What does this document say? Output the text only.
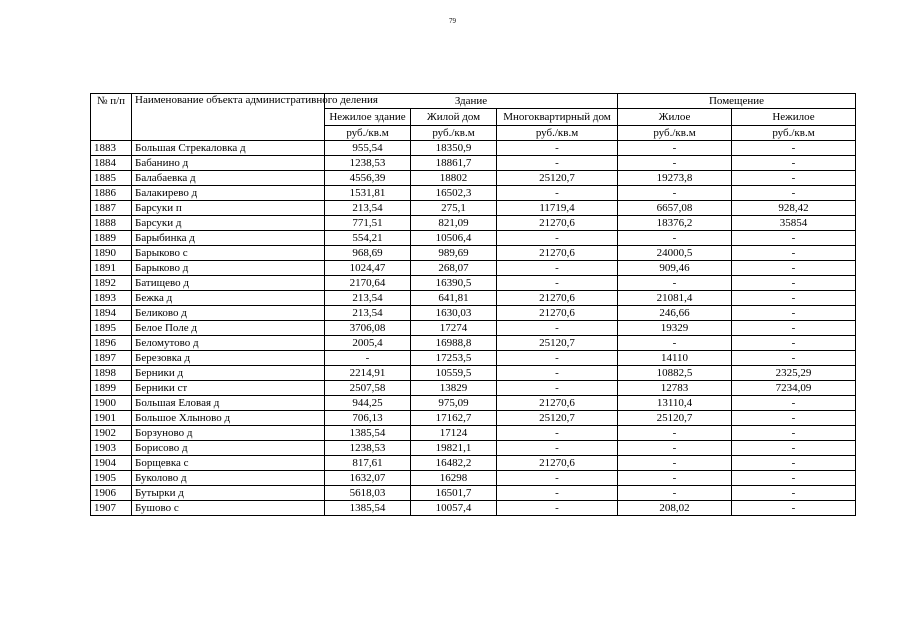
79
№ п/п	Наименование объекта административного деления	Здание			Помещение	
		Нежилое здание	Жилой дом	Многоквартирный дом	Жилое	Нежилое
		руб./кв.м	руб./кв.м	руб./кв.м	руб./кв.м	руб./кв.м
1883	Большая Стрекаловка д	955,54	18350,9	-	-	-
1884	Бабанино д	1238,53	18861,7	-	-	-
1885	Балабаевка д	4556,39	18802	25120,7	19273,8	-
1886	Балакирево д	1531,81	16502,3	-	-	-
1887	Барсуки п	213,54	275,1	11719,4	6657,08	928,42
1888	Барсуки д	771,51	821,09	21270,6	18376,2	35854
1889	Барыбинка д	554,21	10506,4	-	-	-
1890	Барыково с	968,69	989,69	21270,6	24000,5	-
1891	Барыково д	1024,47	268,07	-	909,46	-
1892	Батищево д	2170,64	16390,5	-	-	-
1893	Бежка д	213,54	641,81	21270,6	21081,4	-
1894	Беликово д	213,54	1630,03	21270,6	246,66	-
1895	Белое Поле д	3706,08	17274	-	19329	-
1896	Беломутово д	2005,4	16988,8	25120,7	-	-
1897	Березовка д	-	17253,5	-	14110	-
1898	Берники д	2214,91	10559,5	-	10882,5	2325,29
1899	Берники ст	2507,58	13829	-	12783	7234,09
1900	Большая Еловая д	944,25	975,09	21270,6	13110,4	-
1901	Большое Хлыново д	706,13	17162,7	25120,7	25120,7	-
1902	Борзуново д	1385,54	17124	-	-	-
1903	Борисово д	1238,53	19821,1	-	-	-
1904	Борщевка с	817,61	16482,2	21270,6	-	-
1905	Буколово д	1632,07	16298	-	-	-
1906	Бутырки д	5618,03	16501,7	-	-	-
1907	Бушово с	1385,54	10057,4	-	208,02	-
